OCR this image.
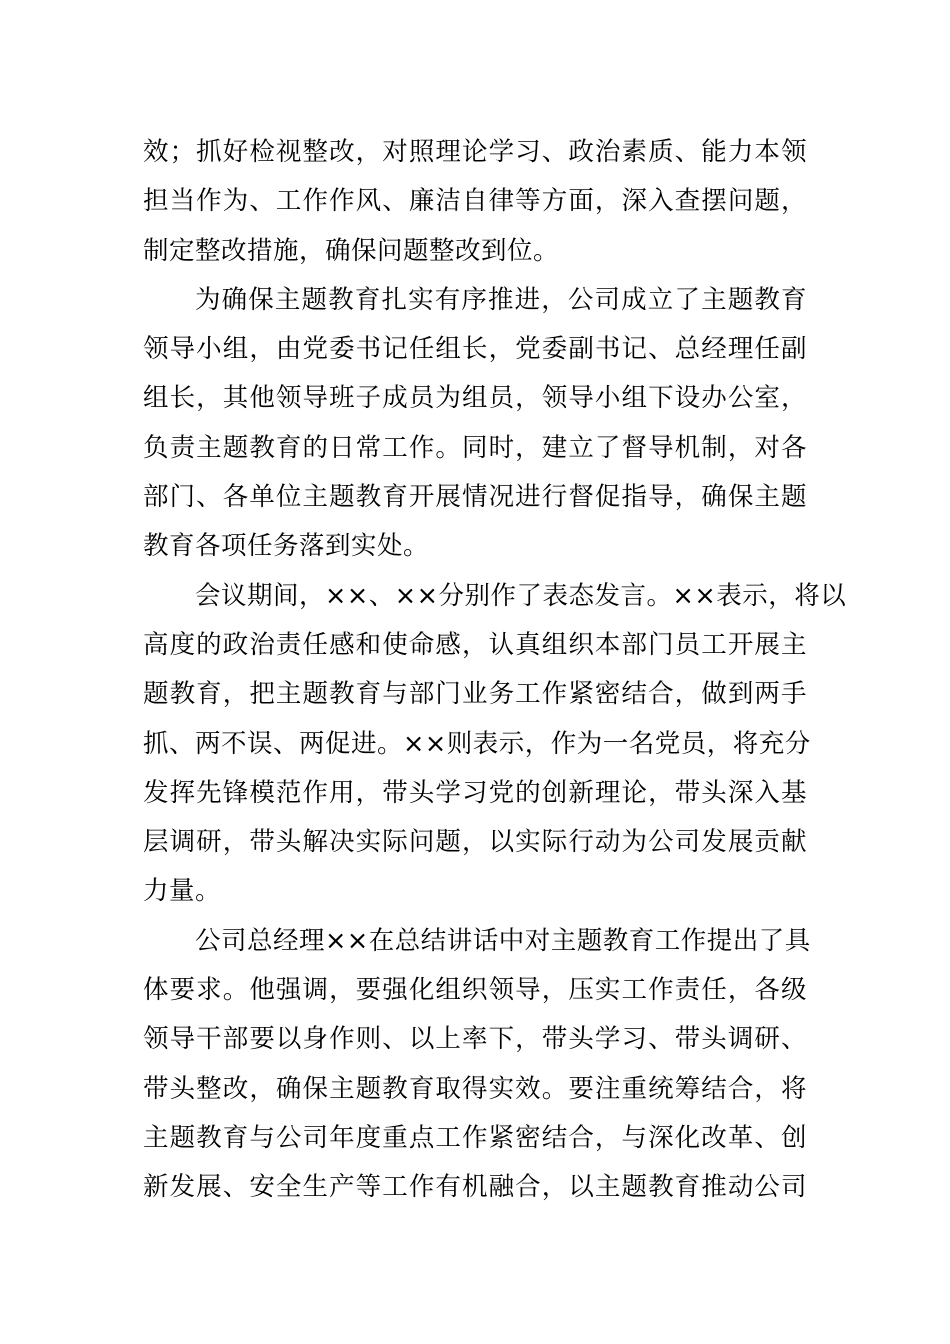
效；抓好检视整改，对照理论学习、政治素质、能力本领
担当作为、工作作风、廉洁自律等方面，深入查摆问题，
制定整改措施，确保问题整改到位。
为确保主题教育扎实有序推进，公司成立了主题教育
领导小组，由党委书记任组长，党委副书记、总经理任副
组长，其他领导班子成员为组员，领导小组下设办公室，
负责主题教育的日常工作。同时，建立了督导机制，对各
部门、各单位主题教育开展情况进行督促指导，确保主题
教育各项任务落到实处。
会议期间，××、××分别作了表态发言。××表示，将以
高度的政治责任感和使命感，认真组织本部门员工开展主
题教育，把主题教育与部门业务工作紧密结合，做到两手
抓、两不误、两促进。××则表示，作为一名党员，将充分
发挥先锋模范作用，带头学习党的创新理论，带头深入基
层调研，带头解决实际问题，以实际行动为公司发展贡献
力量。
公司总经理××在总结讲话中对主题教育工作提出了具
体要求。他强调，要强化组织领导，压实工作责任，各级
领导干部要以身作则、以上率下，带头学习、带头调研、
带头整改，确保主题教育取得实效。要注重统筹结合，将
主题教育与公司年度重点工作紧密结合，与深化改革、创
新发展、安全生产等工作有机融合，以主题教育推动公司
